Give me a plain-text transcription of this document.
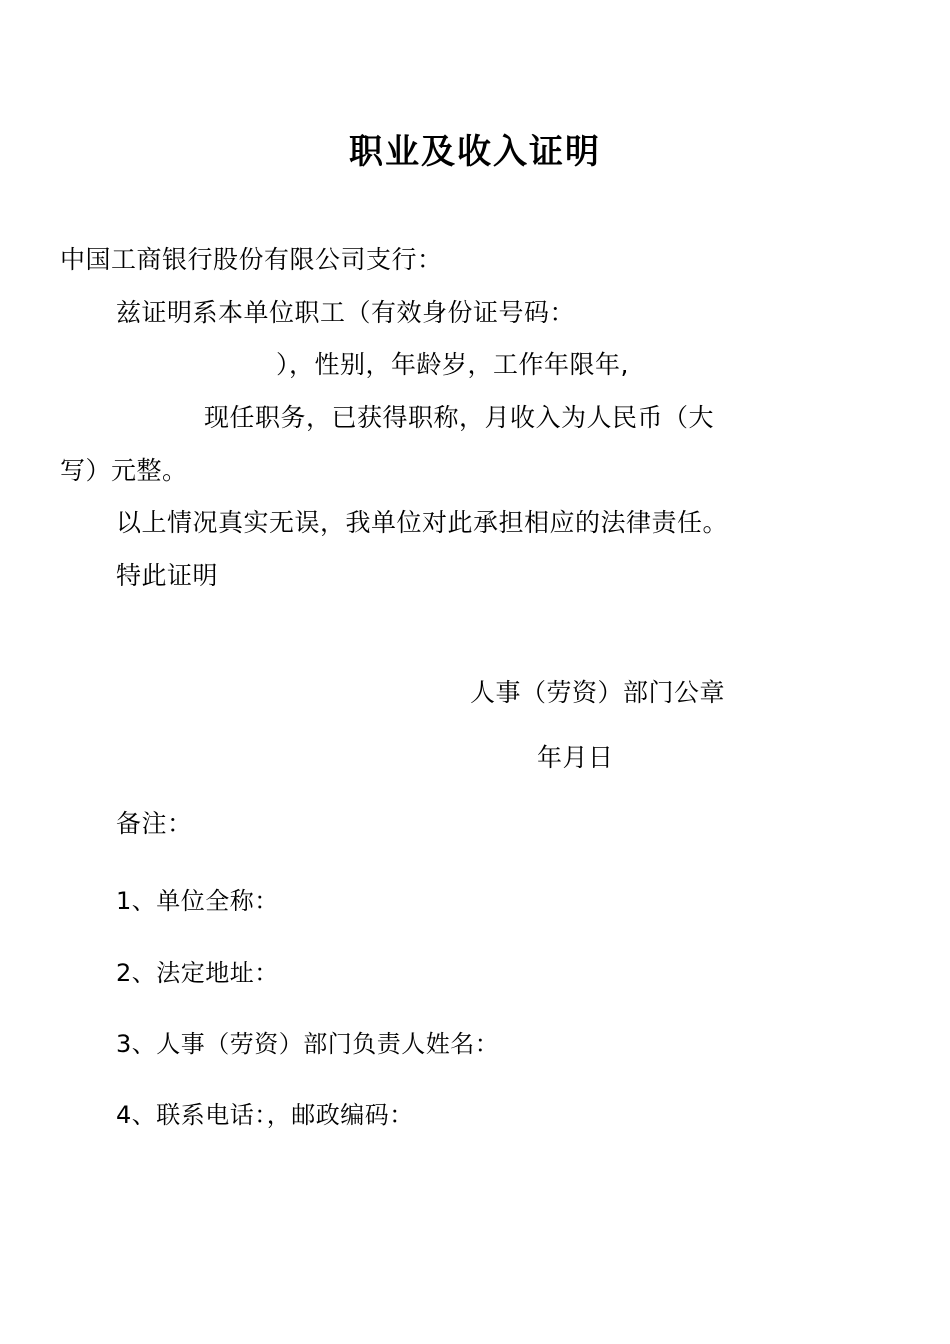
职业及收入证明
中国工商银行股份有限公司支行：
兹证明系本单位职工（有效身份证号码：
），性别，年龄岁，工作年限年,
现任职务，已获得职称，月收入为人民币（大
写）元整。
以上情况真实无误，我单位对此承担相应的法律责任。
特此证明
人事（劳资）部门公章
年月日
备注：
1、单位全称：
2、法定地址：
3、人事（劳资）部门负责人姓名：
4、联系电话：，邮政编码：
